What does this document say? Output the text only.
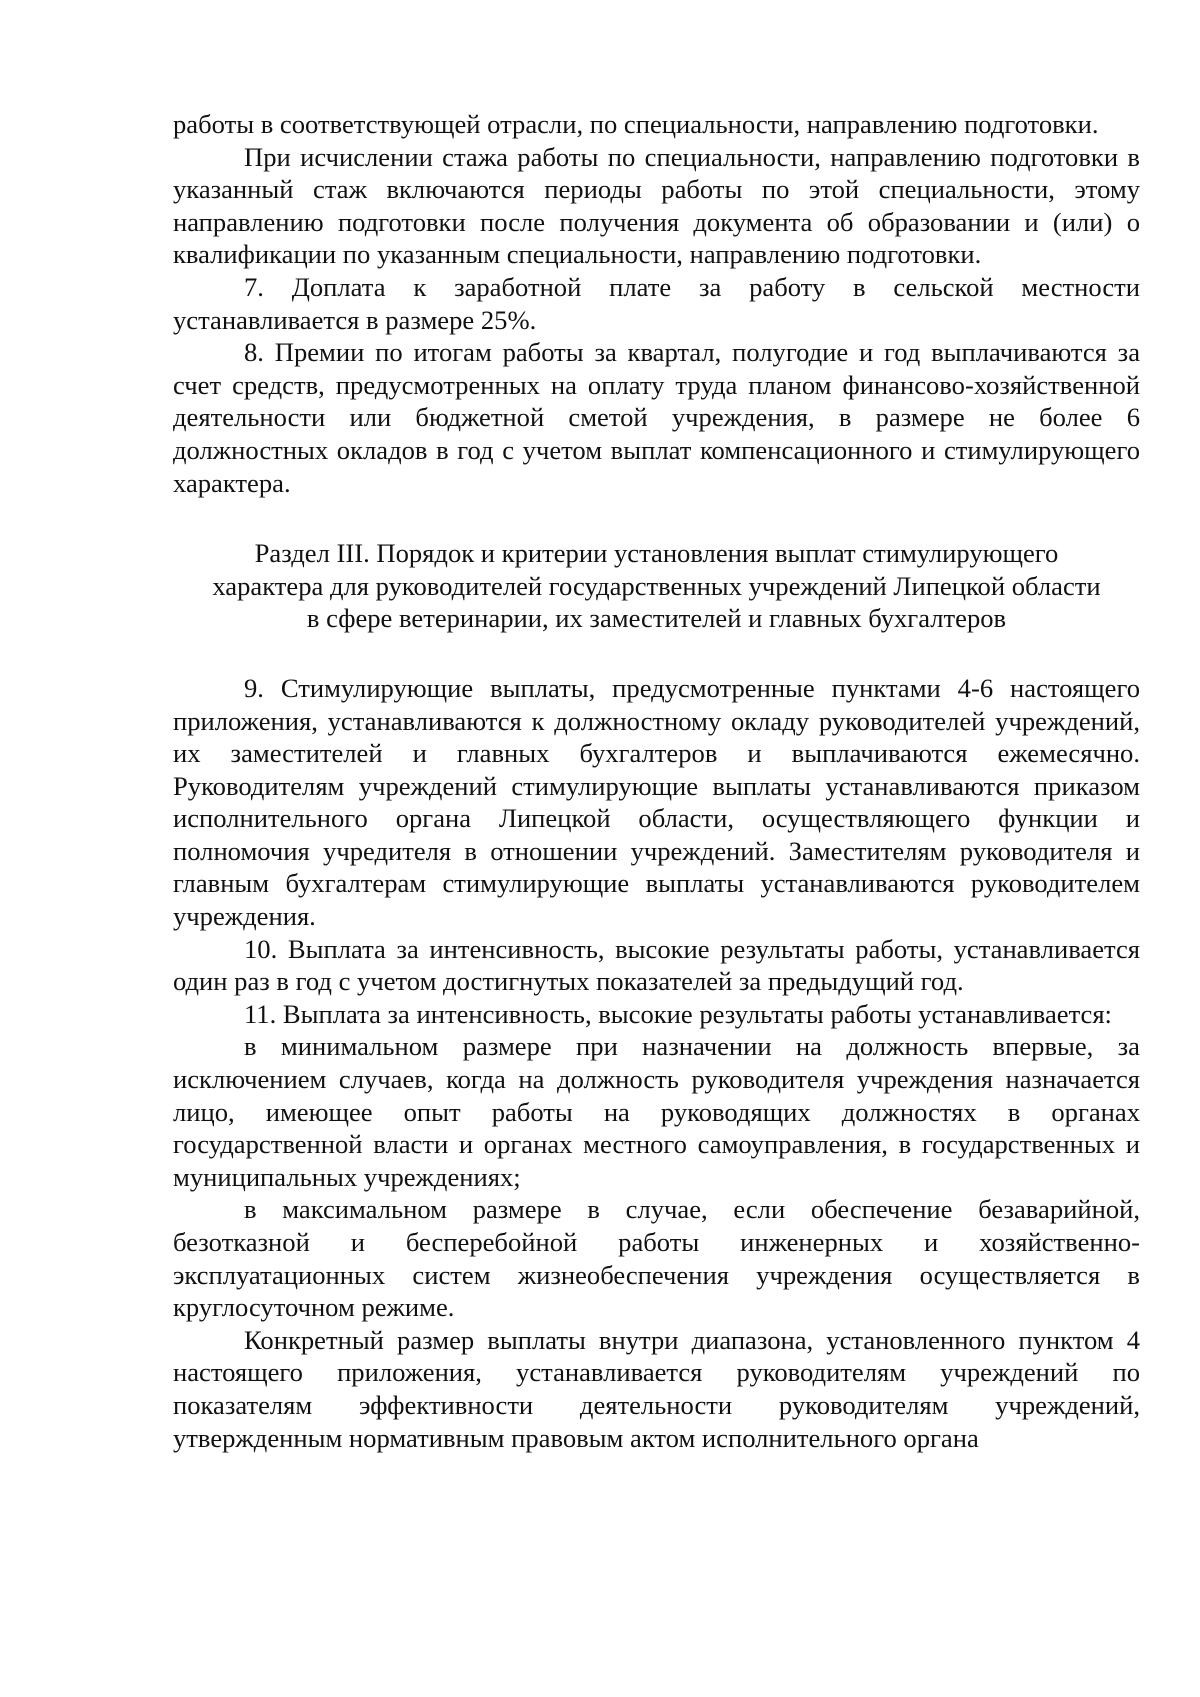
работы в соответствующей отрасли, по специальности, направлению подготовки.

При исчислении стажа работы по специальности, направлению подготовки в указанный стаж включаются периоды работы по этой специальности, этому направлению подготовки после получения документа об образовании и (или) о квалификации по указанным специальности, направлению подготовки.

7. Доплата к заработной плате за работу в сельской местности устанавливается в размере 25%.

8. Премии по итогам работы за квартал, полугодие и год выплачиваются за счет средств, предусмотренных на оплату труда планом финансово-хозяйственной деятельности или бюджетной сметой учреждения, в размере не более 6 должностных окладов в год с учетом выплат компенсационного и стимулирующего характера.

Раздел III. Порядок и критерии установления выплат стимулирующего
характера для руководителей государственных учреждений Липецкой области
в сфере ветеринарии, их заместителей и главных бухгалтеров

9. Стимулирующие выплаты, предусмотренные пунктами 4-6 настоящего приложения, устанавливаются к должностному окладу руководителей учреждений, их заместителей и главных бухгалтеров и выплачиваются ежемесячно. Руководителям учреждений стимулирующие выплаты устанавливаются приказом исполнительного органа Липецкой области, осуществляющего функции и полномочия учредителя в отношении учреждений. Заместителям руководителя и главным бухгалтерам стимулирующие выплаты устанавливаются руководителем учреждения.

10. Выплата за интенсивность, высокие результаты работы, устанавливается один раз в год с учетом достигнутых показателей за предыдущий год.

11. Выплата за интенсивность, высокие результаты работы устанавливается:

в минимальном размере при назначении на должность впервые, за исключением случаев, когда на должность руководителя учреждения назначается лицо, имеющее опыт работы на руководящих должностях в органах государственной власти и органах местного самоуправления, в государственных и муниципальных учреждениях;

в максимальном размере в случае, если обеспечение безаварийной, безотказной и бесперебойной работы инженерных и хозяйственно-эксплуатационных систем жизнеобеспечения учреждения осуществляется в круглосуточном режиме.

Конкретный размер выплаты внутри диапазона, установленного пунктом 4 настоящего приложения, устанавливается руководителям учреждений по показателям эффективности деятельности руководителям учреждений, утвержденным нормативным правовым актом исполнительного органа
